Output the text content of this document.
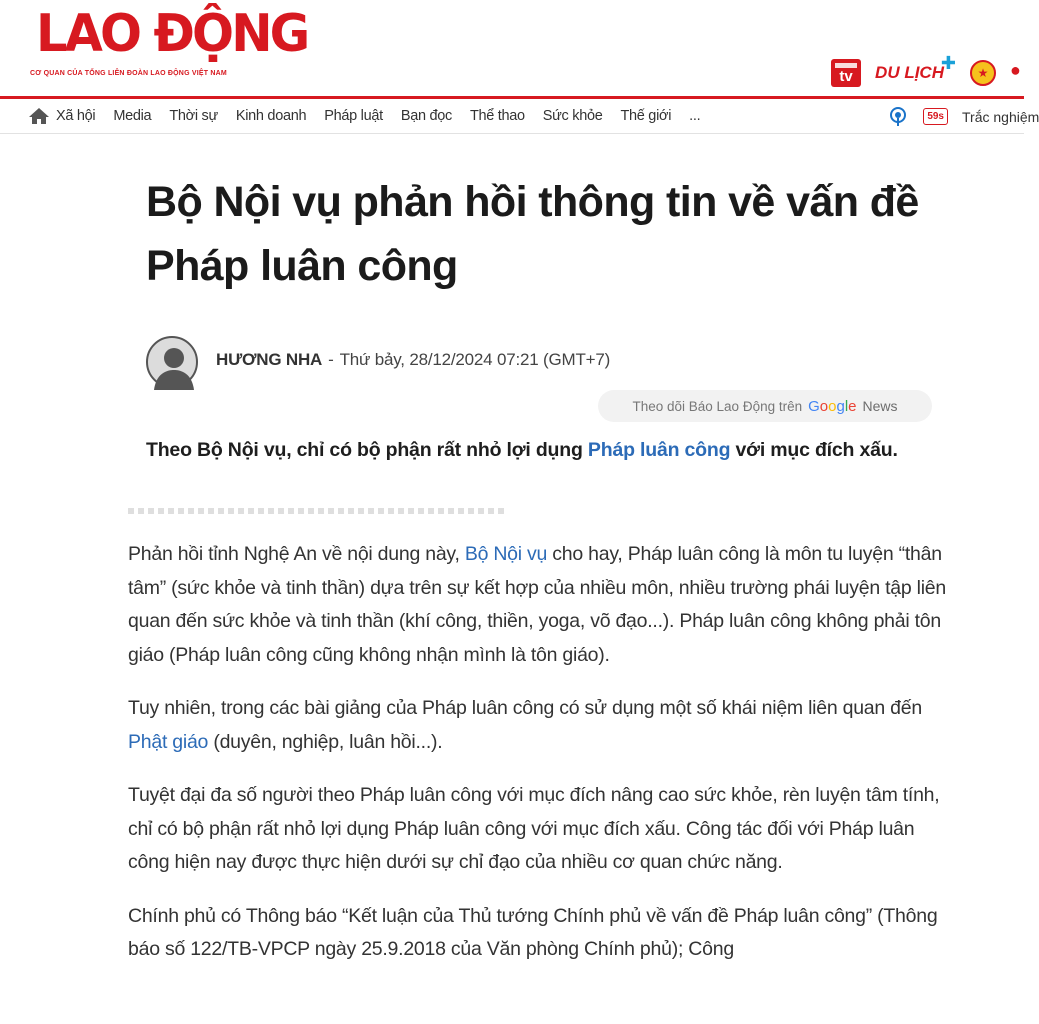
LAO ĐỘNG
CƠ QUAN CỦA TỔNG LIÊN ĐOÀN LAO ĐỘNG VIỆT NAM	tv DU LỊCH
✚	★	●
Xã hội Media Thời sự Kinh doanh Pháp luật Bạn đọc Thể thao Sức khỏe Thế giới ...	59s Trắc nghiệm
Bộ Nội vụ phản hồi thông tin về vấn đề Pháp luân công
HƯƠNG NHA - Thứ bảy, 28/12/2024 07:21 (GMT+7)
Theo dõi Báo Lao Động trên Google News
Theo Bộ Nội vụ, chỉ có bộ phận rất nhỏ lợi dụng Pháp luân công với mục đích xấu.

Phản hồi tỉnh Nghệ An về nội dung này, Bộ Nội vụ cho hay, Pháp luân công là môn tu luyện “thân tâm” (sức khỏe và tinh thần) dựa trên sự kết hợp của nhiều môn, nhiều trường phái luyện tập liên quan đến sức khỏe và tinh thần (khí công, thiền, yoga, võ đạo...). Pháp luân công không phải tôn giáo (Pháp luân công cũng không nhận mình là tôn giáo).

Tuy nhiên, trong các bài giảng của Pháp luân công có sử dụng một số khái niệm liên quan đến Phật giáo (duyên, nghiệp, luân hồi...).

Tuyệt đại đa số người theo Pháp luân công với mục đích nâng cao sức khỏe, rèn luyện tâm tính, chỉ có bộ phận rất nhỏ lợi dụng Pháp luân công với mục đích xấu. Công tác đối với Pháp luân công hiện nay được thực hiện dưới sự chỉ đạo của nhiều cơ quan chức năng.

Chính phủ có Thông báo “Kết luận của Thủ tướng Chính phủ về vấn đề Pháp luân công” (Thông báo số 122/TB-VPCP ngày 25.9.2018 của Văn phòng Chính phủ); Công
